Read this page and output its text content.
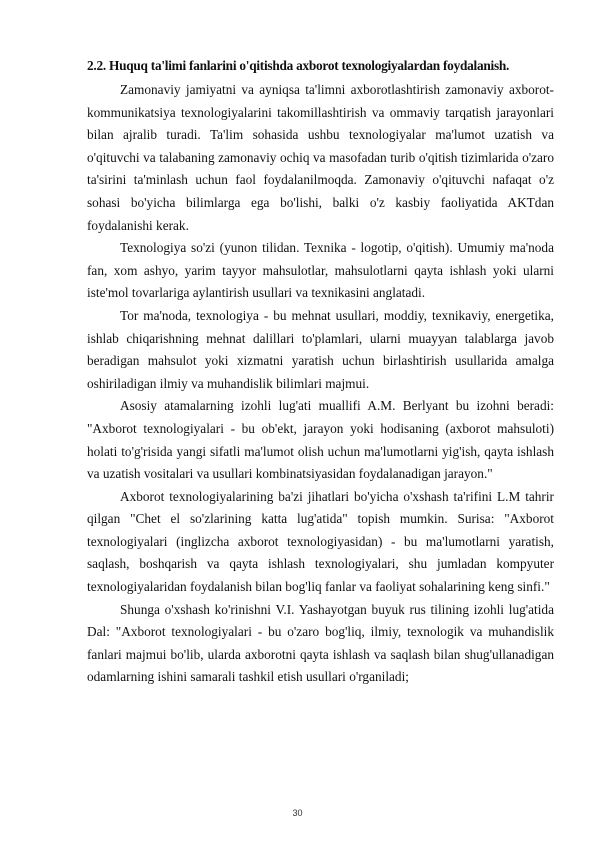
2.2. Huquq ta'limi fanlarini o'qitishda axborot texnologiyalardan foydalanish.

Zamonaviy jamiyatni va ayniqsa ta'limni axborotlashtirish zamonaviy axborot-kommunikatsiya texnologiyalarini takomillashtirish va ommaviy tarqatish jarayonlari bilan ajralib turadi. Ta'lim sohasida ushbu texnologiyalar ma'lumot uzatish va o'qituvchi va talabaning zamonaviy ochiq va masofadan turib o'qitish tizimlarida o'zaro ta'sirini ta'minlash uchun faol foydalanilmoqda. Zamonaviy o'qituvchi nafaqat o'z sohasi bo'yicha bilimlarga ega bo'lishi, balki o'z kasbiy faoliyatida AKTdan foydalanishi kerak.

Texnologiya so'zi (yunon tilidan. Texnika - logotip, o'qitish). Umumiy ma'noda fan, xom ashyo, yarim tayyor mahsulotlar, mahsulotlarni qayta ishlash yoki ularni iste'mol tovarlariga aylantirish usullari va texnikasini anglatadi.

Tor ma'noda, texnologiya - bu mehnat usullari, moddiy, texnikaviy, energetika, ishlab chiqarishning mehnat dalillari to'plamlari, ularni muayyan talablarga javob beradigan mahsulot yoki xizmatni yaratish uchun birlashtirish usullarida amalga oshiriladigan ilmiy va muhandislik bilimlari majmui.

Asosiy atamalarning izohli lug'ati muallifi A.M. Berlyant bu izohni beradi: "Axborot texnologiyalari - bu ob'ekt, jarayon yoki hodisaning (axborot mahsuloti) holati to'g'risida yangi sifatli ma'lumot olish uchun ma'lumotlarni yig'ish, qayta ishlash va uzatish vositalari va usullari kombinatsiyasidan foydalanadigan jarayon."

Axborot texnologiyalarining ba'zi jihatlari bo'yicha o'xshash ta'rifini L.M tahrir qilgan "Chet el so'zlarining katta lug'atida" topish mumkin. Surisa: "Axborot texnologiyalari (inglizcha axborot texnologiyasidan) - bu ma'lumotlarni yaratish, saqlash, boshqarish va qayta ishlash texnologiyalari, shu jumladan kompyuter texnologiyalaridan foydalanish bilan bog'liq fanlar va faoliyat sohalarining keng sinfi."

Shunga o'xshash ko'rinishni V.I. Yashayotgan buyuk rus tilining izohli lug'atida Dal: "Axborot texnologiyalari - bu o'zaro bog'liq, ilmiy, texnologik va muhandislik fanlari majmui bo'lib, ularda axborotni qayta ishlash va saqlash bilan shug'ullanadigan odamlarning ishini samarali tashkil etish usullari o'rganiladi;

30
